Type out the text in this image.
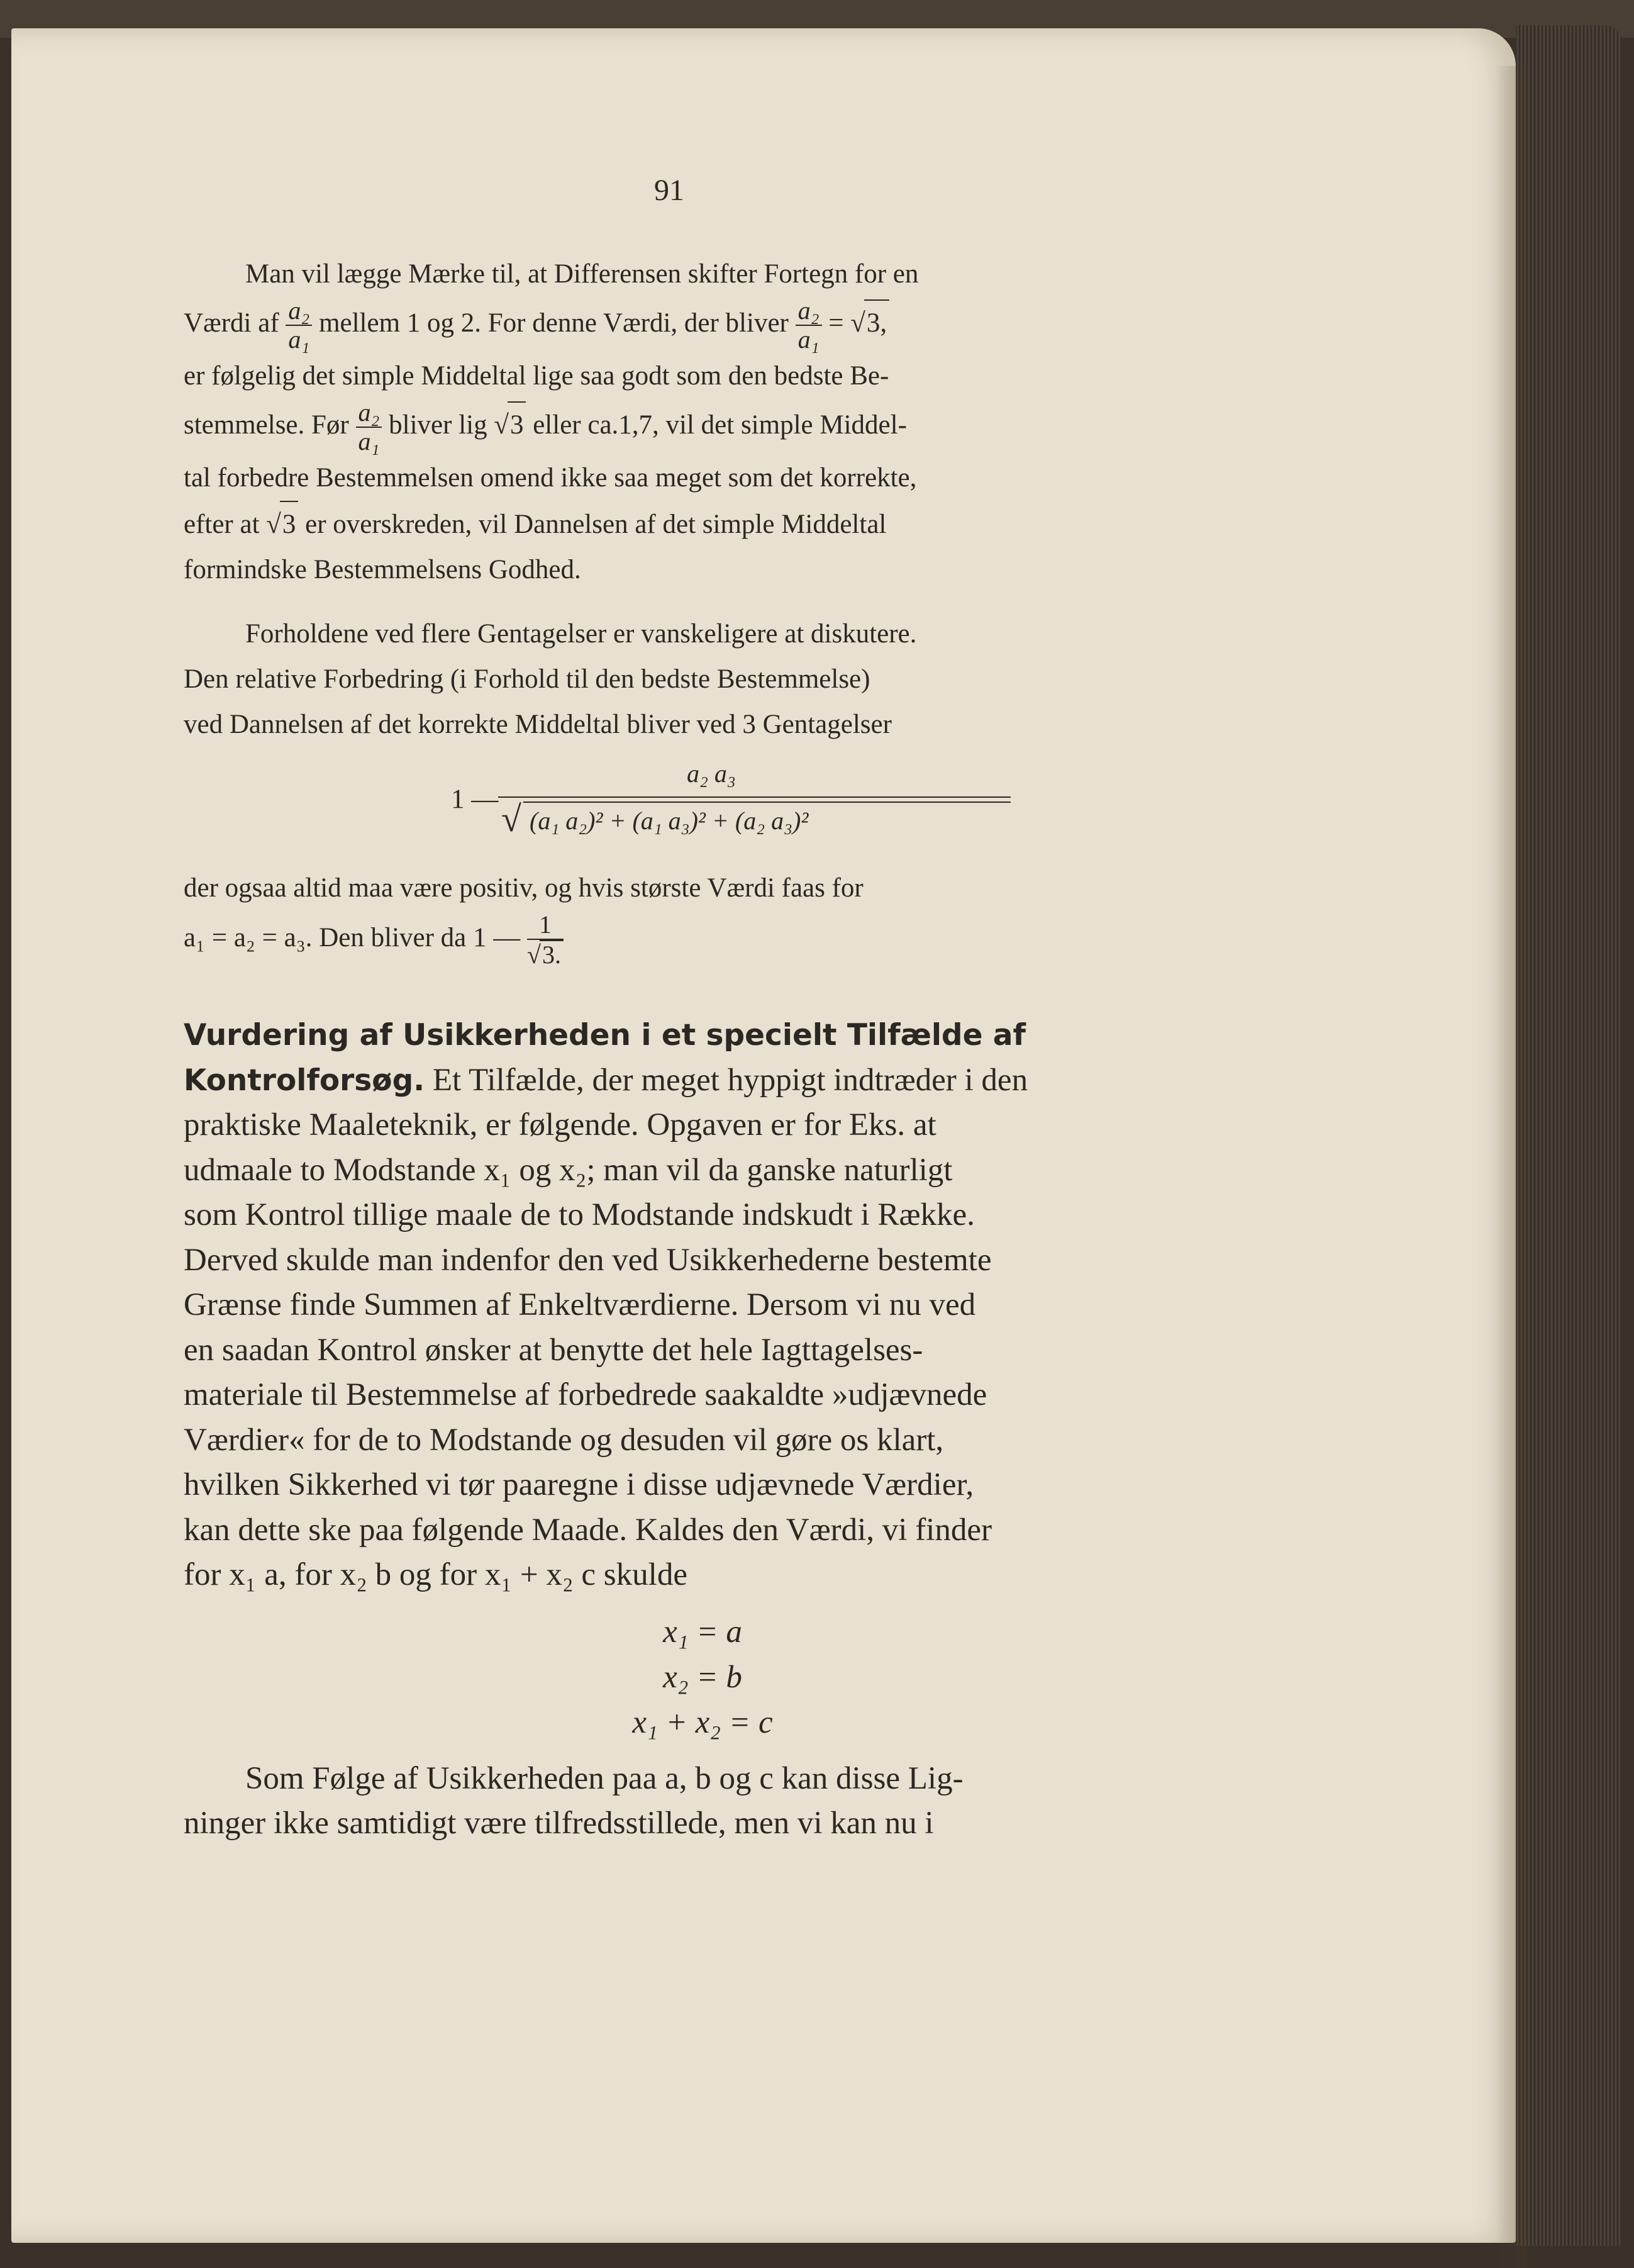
91

Man vil lægge Mærke til, at Differensen skifter Fortegn for en

Værdi af $\frac{\text{a₂}}{\text{a₁}}$ mellem 1 og 2. For denne Værdi, der bliver $\frac{\text{a₂}}{\text{a₁}} = √3$,

er følgelig det simple Middeltal lige saa godt som den bedste Be-

stemmelse. Før $\frac{\text{a₂}}{\text{a₁}}$ bliver lig √3 eller ca.1,7, vil det simple Middel-

tal forbedre Bestemmelsen omend ikke saa meget som det korrekte,

efter at √3 er overskreden, vil Dannelsen af det simple Middeltal

formindske Bestemmelsens Godhed.

Forholdene ved flere Gentagelser er vanskeligere at diskutere.

Den relative Forbedring (i Forhold til den bedste Bestemmelse)

ved Dannelsen af det korrekte Middeltal bliver ved 3 Gentagelser

1 —
a₂ a₃
√ (a₁ a₂)² + (a₁ a₃)² + (a₂ a₃)²

der ogsaa altid maa være positiv, og hvis største Værdi faas for

a₁ = a₂ = a₃. Den bliver da 1 — $\frac{1}{√3.}$

Vurdering af Usikkerheden i et specielt Tilfælde af

Kontrolforsøg. Et Tilfælde, der meget hyppigt indtræder i den

praktiske Maaleteknik, er følgende. Opgaven er for Eks. at

udmaale to Modstande x₁ og x₂; man vil da ganske naturligt

som Kontrol tillige maale de to Modstande indskudt i Række.

Derved skulde man indenfor den ved Usikkerhederne bestemte

Grænse finde Summen af Enkeltværdierne. Dersom vi nu ved

en saadan Kontrol ønsker at benytte det hele Iagttagelses-

materiale til Bestemmelse af forbedrede saakaldte »udjævnede

Værdier« for de to Modstande og desuden vil gøre os klart,

hvilken Sikkerhed vi tør paaregne i disse udjævnede Værdier,

kan dette ske paa følgende Maade. Kaldes den Værdi, vi finder

for x₁ a, for x₂ b og for x₁ + x₂ c skulde

x₁ = a
x₂ = b
x₁ + x₂ = c

Som Følge af Usikkerheden paa a, b og c kan disse Lig-

ninger ikke samtidigt være tilfredsstillede, men vi kan nu i
